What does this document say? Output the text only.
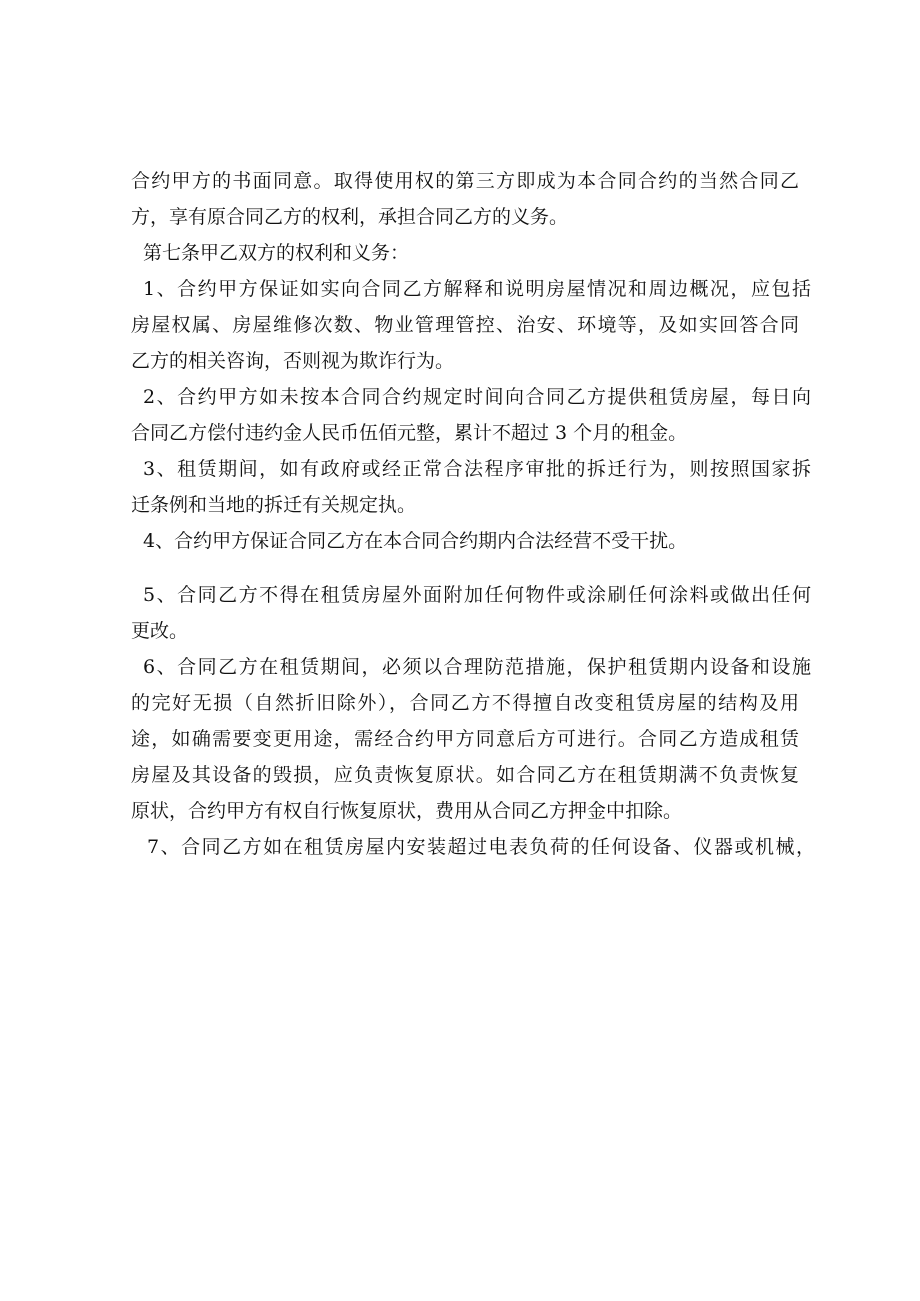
合约甲方的书面同意。取得使用权的第三方即成为本合同合约的当然合同乙
方，享有原合同乙方的权利，承担合同乙方的义务。
第七条甲乙双方的权利和义务：
1、合约甲方保证如实向合同乙方解释和说明房屋情况和周边概况，应包括
房屋权属、房屋维修次数、物业管理管控、治安、环境等，及如实回答合同
乙方的相关咨询，否则视为欺诈行为。
2、合约甲方如未按本合同合约规定时间向合同乙方提供租赁房屋，每日向
合同乙方偿付违约金人民币伍佰元整，累计不超过 3 个月的租金。
3、租赁期间，如有政府或经正常合法程序审批的拆迁行为，则按照国家拆
迁条例和当地的拆迁有关规定执。
4、合约甲方保证合同乙方在本合同合约期内合法经营不受干扰。
5、合同乙方不得在租赁房屋外面附加任何物件或涂刷任何涂料或做出任何
更改。
6、合同乙方在租赁期间，必须以合理防范措施，保护租赁期内设备和设施
的完好无损（自然折旧除外），合同乙方不得擅自改变租赁房屋的结构及用
途，如确需要变更用途，需经合约甲方同意后方可进行。合同乙方造成租赁
房屋及其设备的毁损，应负责恢复原状。如合同乙方在租赁期满不负责恢复
原状，合约甲方有权自行恢复原状，费用从合同乙方押金中扣除。
7、合同乙方如在租赁房屋内安装超过电表负荷的任何设备、仪器或机械，
